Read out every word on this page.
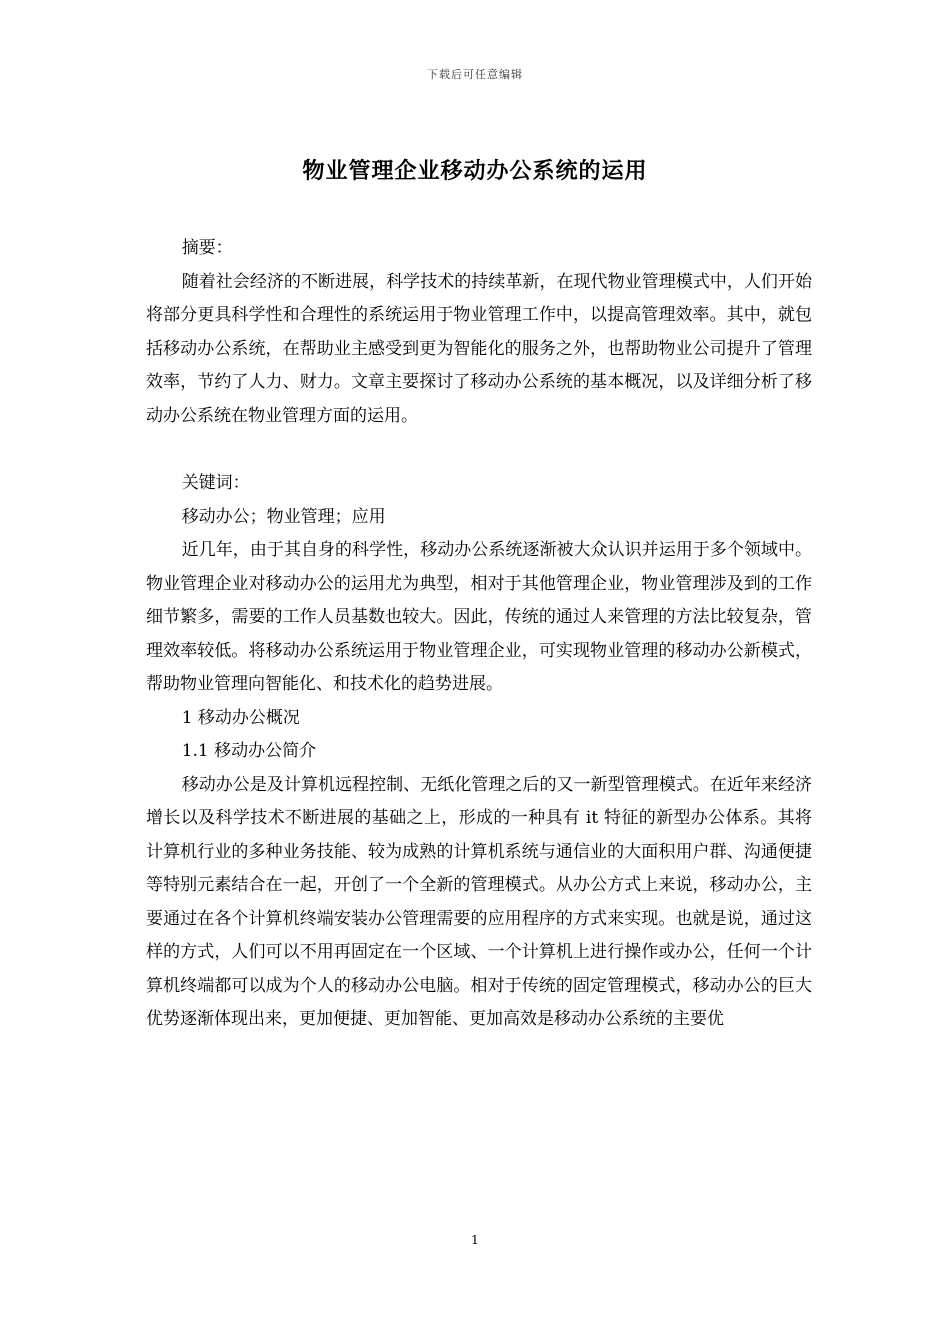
下载后可任意编辑
物业管理企业移动办公系统的运用

摘要：

随着社会经济的不断进展，科学技术的持续革新，在现代物业管理模式中，人们开始将部分更具科学性和合理性的系统运用于物业管理工作中，以提高管理效率。其中，就包括移动办公系统，在帮助业主感受到更为智能化的服务之外，也帮助物业公司提升了管理效率，节约了人力、财力。文章主要探讨了移动办公系统的基本概况，以及详细分析了移动办公系统在物业管理方面的运用。

关键词：

移动办公；物业管理；应用

近几年，由于其自身的科学性，移动办公系统逐渐被大众认识并运用于多个领域中。物业管理企业对移动办公的运用尤为典型，相对于其他管理企业，物业管理涉及到的工作细节繁多，需要的工作人员基数也较大。因此，传统的通过人来管理的方法比较复杂，管理效率较低。将移动办公系统运用于物业管理企业，可实现物业管理的移动办公新模式，帮助物业管理向智能化、和技术化的趋势进展。

1 移动办公概况

1.1 移动办公简介

移动办公是及计算机远程控制、无纸化管理之后的又一新型管理模式。在近年来经济增长以及科学技术不断进展的基础之上，形成的一种具有 it 特征的新型办公体系。其将计算机行业的多种业务技能、较为成熟的计算机系统与通信业的大面积用户群、沟通便捷等特别元素结合在一起，开创了一个全新的管理模式。从办公方式上来说，移动办公，主要通过在各个计算机终端安装办公管理需要的应用程序的方式来实现。也就是说，通过这样的方式，人们可以不用再固定在一个区域、一个计算机上进行操作或办公，任何一个计算机终端都可以成为个人的移动办公电脑。相对于传统的固定管理模式，移动办公的巨大优势逐渐体现出来，更加便捷、更加智能、更加高效是移动办公系统的主要优

1
